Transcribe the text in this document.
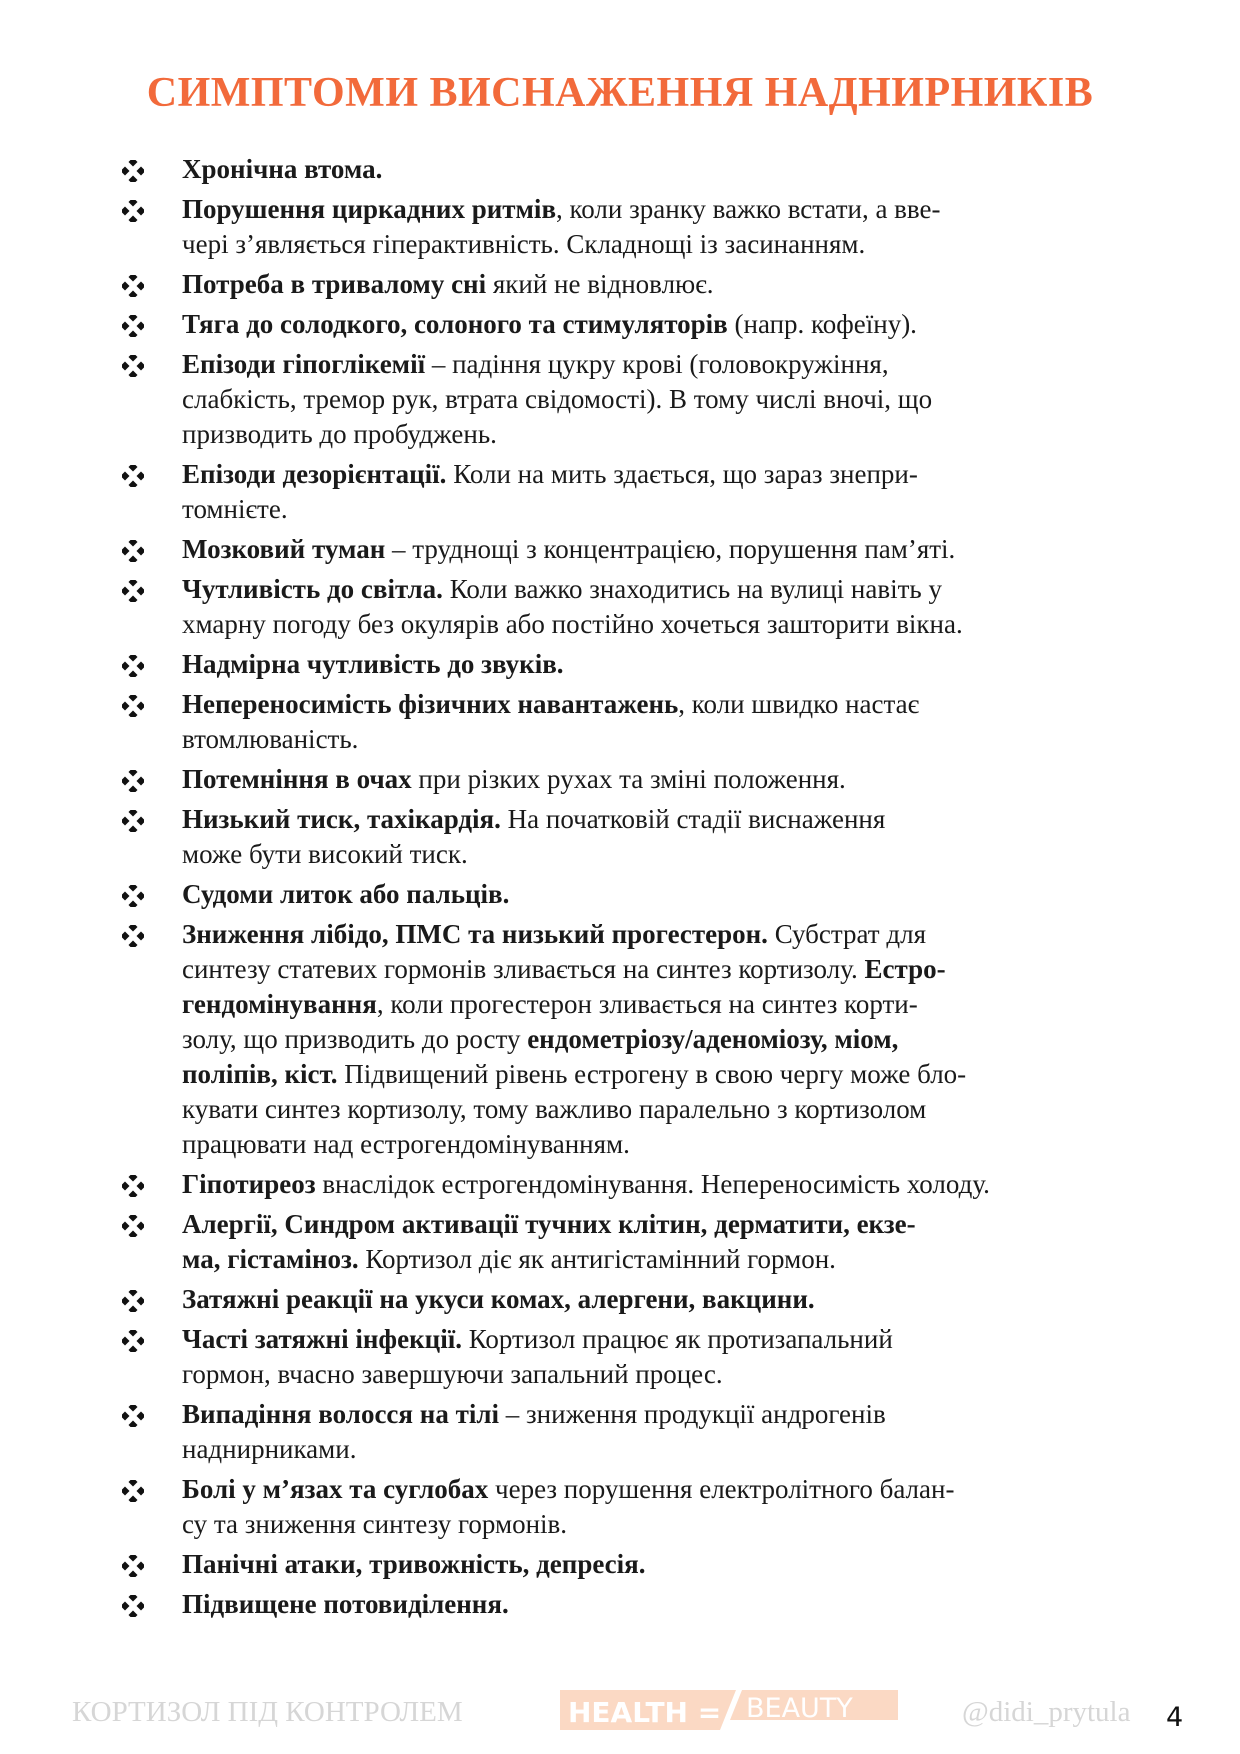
СИМПТОМИ ВИСНАЖЕННЯ НАДНИРНИКІВ
Хронічна втома.
Порушення циркадних ритмів, коли зранку важко встати, а вве-
чері з’являється гіперактивність. Складнощі із засинанням.
Потреба в тривалому сні який не відновлює.
Тяга до солодкого, солоного та стимуляторів (напр. кофеїну).
Епізоди гіпоглікемії – падіння цукру крові (головокружіння,
слабкість, тремор рук, втрата свідомості). В тому числі вночі, що
призводить до пробуджень.
Епізоди дезорієнтації. Коли на мить здається, що зараз знепри-
томнієте.
Мозковий туман – труднощі з концентрацією, порушення пам’яті.
Чутливість до світла. Коли важко знаходитись на вулиці навіть у
хмарну погоду без окулярів або постійно хочеться зашторити вікна.
Надмірна чутливість до звуків.
Непереносимість фізичних навантажень, коли швидко настає
втомлюваність.
Потемніння в очах при різких рухах та зміні положення.
Низький тиск, тахікардія. На початковій стадії виснаження
може бути високий тиск.
Судоми литок або пальців.
Зниження лібідо, ПМС та низький прогестерон. Субстрат для
синтезу статевих гормонів зливається на синтез кортизолу. Естро-
гендомінування, коли прогестерон зливається на синтез корти-
золу, що призводить до росту ендометріозу/аденоміозу, міом,
поліпів, кіст. Підвищений рівень естрогену в свою чергу може бло-
кувати синтез кортизолу, тому важливо паралельно з кортизолом
працювати над естрогендомінуванням.
Гіпотиреоз внаслідок естрогендомінування. Непереносимість холоду.
Алергії, Синдром активації тучних клітин, дерматити, екзе-
ма, гістаміноз. Кортизол діє як антигістамінний гормон.
Затяжні реакції на укуси комах, алергени, вакцини.
Часті затяжні інфекції. Кортизол працює як протизапальний
гормон, вчасно завершуючи запальний процес.
Випадіння волосся на тілі – зниження продукції андрогенів
наднирниками.
Болі у м’язах та суглобах через порушення електролітного балан-
су та зниження синтезу гормонів.
Панічні атаки, тривожність, депресія.
Підвищене потовиділення.
КОРТИЗОЛ ПІД КОНТРОЛЕМ	HEALTH = BEAUTY	@didi_prytula 4
